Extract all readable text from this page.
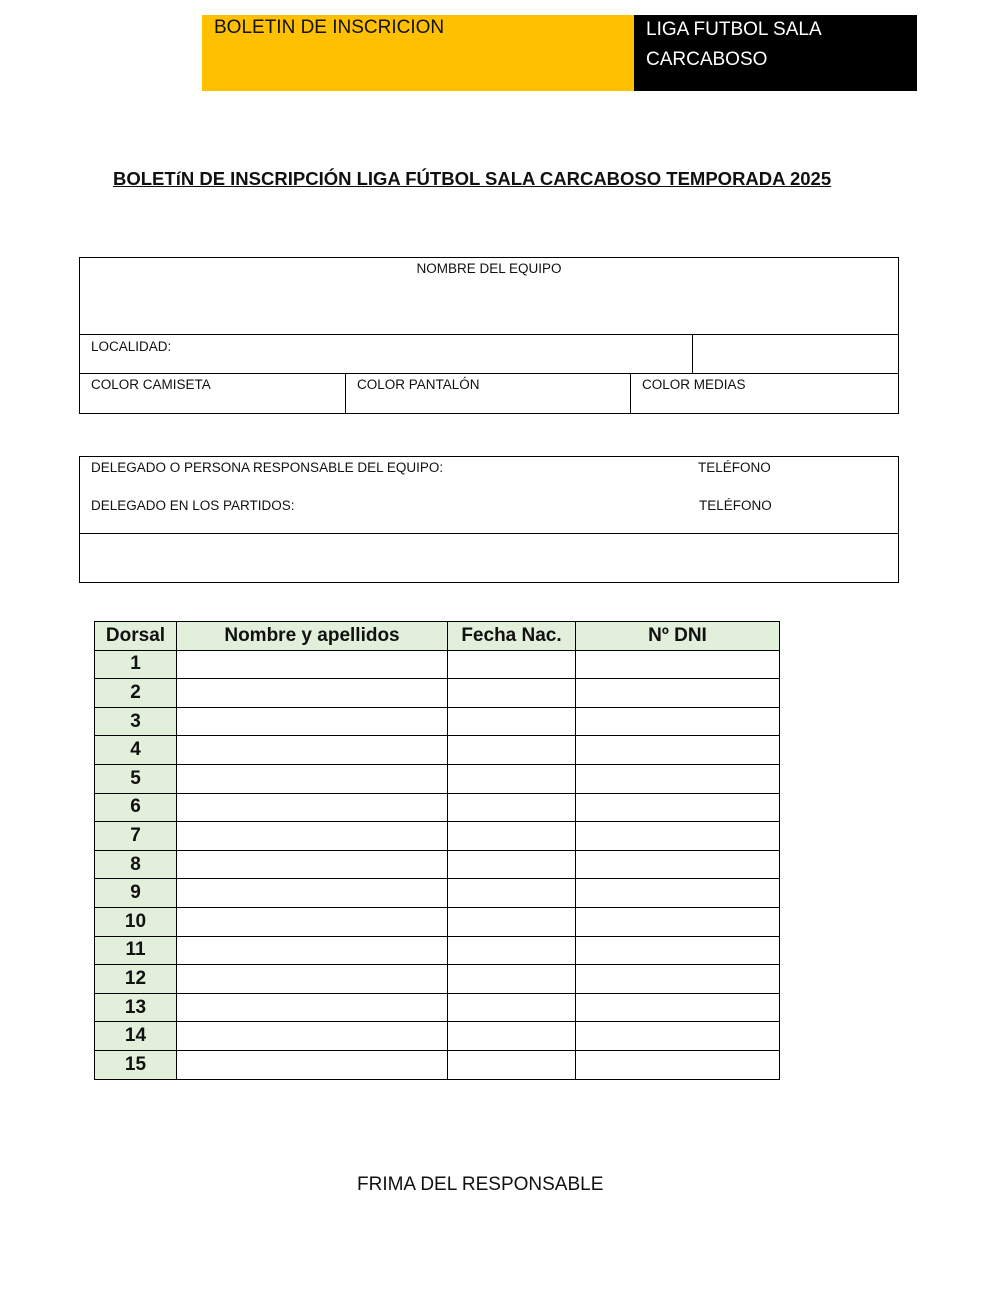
BOLETIN DE INSCRICION	LIGA FUTBOL SALA
CARCABOSO
BOLETíN DE INSCRIPCIÓN LIGA FÚTBOL SALA CARCABOSO TEMPORADA 2025
NOMBRE DEL EQUIPO
LOCALIDAD:
COLOR CAMISETA	COLOR PANTALÓN	COLOR MEDIAS
DELEGADO O PERSONA RESPONSABLE DEL EQUIPO:	TELÉFONO
DELEGADO EN LOS PARTIDOS:	TELÉFONO
Dorsal	Nombre y apellidos	Fecha Nac.	Nº DNI
1			
2			
3			
4			
5			
6			
7			
8			
9			
10			
11			
12			
13			
14			
15			
FRIMA DEL RESPONSABLE
